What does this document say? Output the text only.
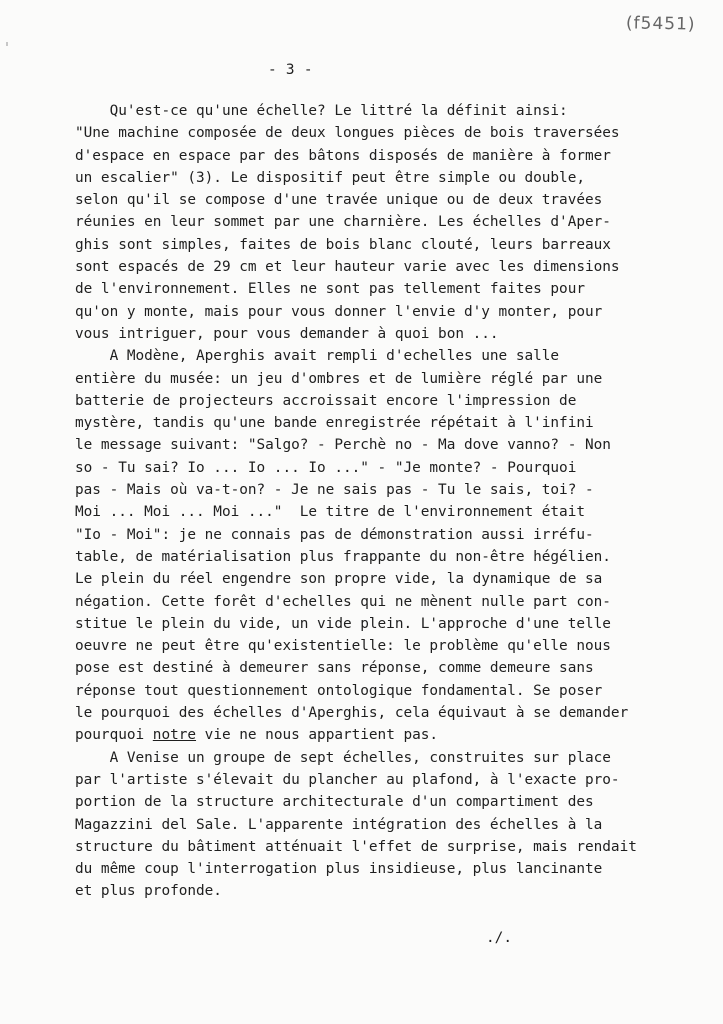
(f5451)
- 3 -
Qu'est-ce qu'une échelle? Le littré la définit ainsi:
"Une machine composée de deux longues pièces de bois traversées
d'espace en espace par des bâtons disposés de manière à former
un escalier" (3). Le dispositif peut être simple ou double,
selon qu'il se compose d'une travée unique ou de deux travées
réunies en leur sommet par une charnière. Les échelles d'Aper-
ghis sont simples, faites de bois blanc clouté, leurs barreaux
sont espacés de 29 cm et leur hauteur varie avec les dimensions
de l'environnement. Elles ne sont pas tellement faites pour
qu'on y monte, mais pour vous donner l'envie d'y monter, pour
vous intriguer, pour vous demander à quoi bon ...
A Modène, Aperghis avait rempli d'echelles une salle
entière du musée: un jeu d'ombres et de lumière réglé par une
batterie de projecteurs accroissait encore l'impression de
mystère, tandis qu'une bande enregistrée répétait à l'infini
le message suivant: "Salgo? - Perchè no - Ma dove vanno? - Non
so - Tu sai? Io ... Io ... Io ..." - "Je monte? - Pourquoi
pas - Mais où va-t-on? - Je ne sais pas - Tu le sais, toi? -
Moi ... Moi ... Moi ..."  Le titre de l'environnement était
"Io - Moi": je ne connais pas de démonstration aussi irréfu-
table, de matérialisation plus frappante du non-être hégélien.
Le plein du réel engendre son propre vide, la dynamique de sa
négation. Cette forêt d'echelles qui ne mènent nulle part con-
stitue le plein du vide, un vide plein. L'approche d'une telle
oeuvre ne peut être qu'existentielle: le problème qu'elle nous
pose est destiné à demeurer sans réponse, comme demeure sans
réponse tout questionnement ontologique fondamental. Se poser
le pourquoi des échelles d'Aperghis, cela équivaut à se demander
pourquoi notre vie ne nous appartient pas.
A Venise un groupe de sept échelles, construites sur place
par l'artiste s'élevait du plancher au plafond, à l'exacte pro-
portion de la structure architecturale d'un compartiment des
Magazzini del Sale. L'apparente intégration des échelles à la
structure du bâtiment atténuait l'effet de surprise, mais rendait
du même coup l'interrogation plus insidieuse, plus lancinante
et plus profonde.
./.
